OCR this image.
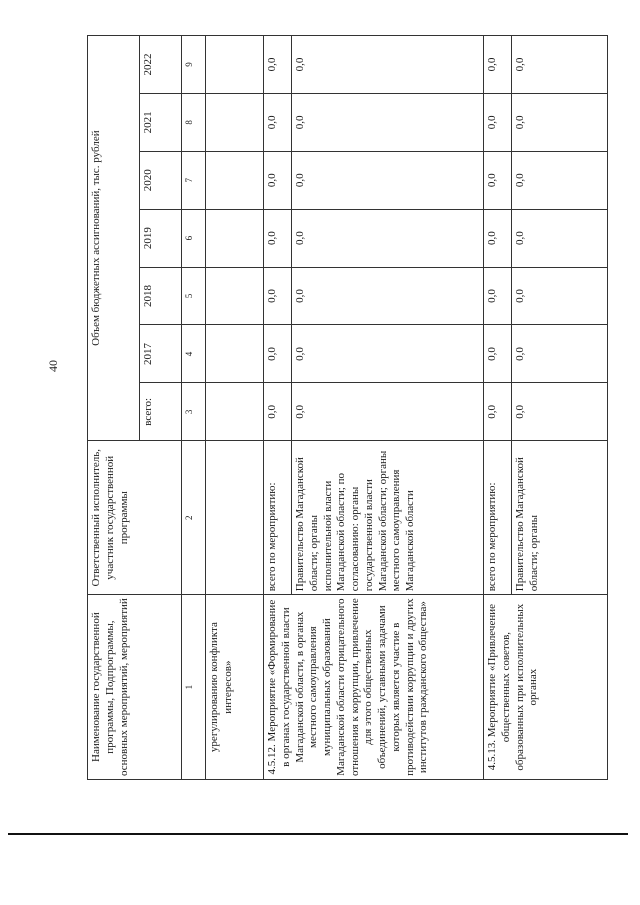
40
Наименование государственной программы, Подпрограммы, основных мероприятий, мероприятий	Ответственный исполнитель, участник государственной программы	Объем бюджетных ассигнований, тыс. рублей						
		всего:	2017	2018	2019	2020	2021	2022
1	2	3	4	5	6	7	8	9
урегулированию конфликта интересов»								
4.5.12. Мероприятие «Формирование в органах государственной власти Магаданской области, в органах местного самоуправления муниципальных образований Магаданской области отрицательного отношения к коррупции, привлечение для этого общественных объединений, уставными задачами которых является участие в противодействии коррупции и других институтов гражданского общества»	всего по мероприятию:	0,0	0,0	0,0	0,0	0,0	0,0	0,0
	Правительство Магаданской области; органы исполнительной власти Магаданской области; по согласованию: органы государственной власти Магаданской области; органы местного самоуправления Магаданской области	0,0	0,0	0,0	0,0	0,0	0,0	0,0
4.5.13. Мероприятие «Привлечение общественных советов, образованных при исполнительных органах	всего по мероприятию:	0,0	0,0	0,0	0,0	0,0	0,0	0,0
	Правительство Магаданской области; органы	0,0	0,0	0,0	0,0	0,0	0,0	0,0
